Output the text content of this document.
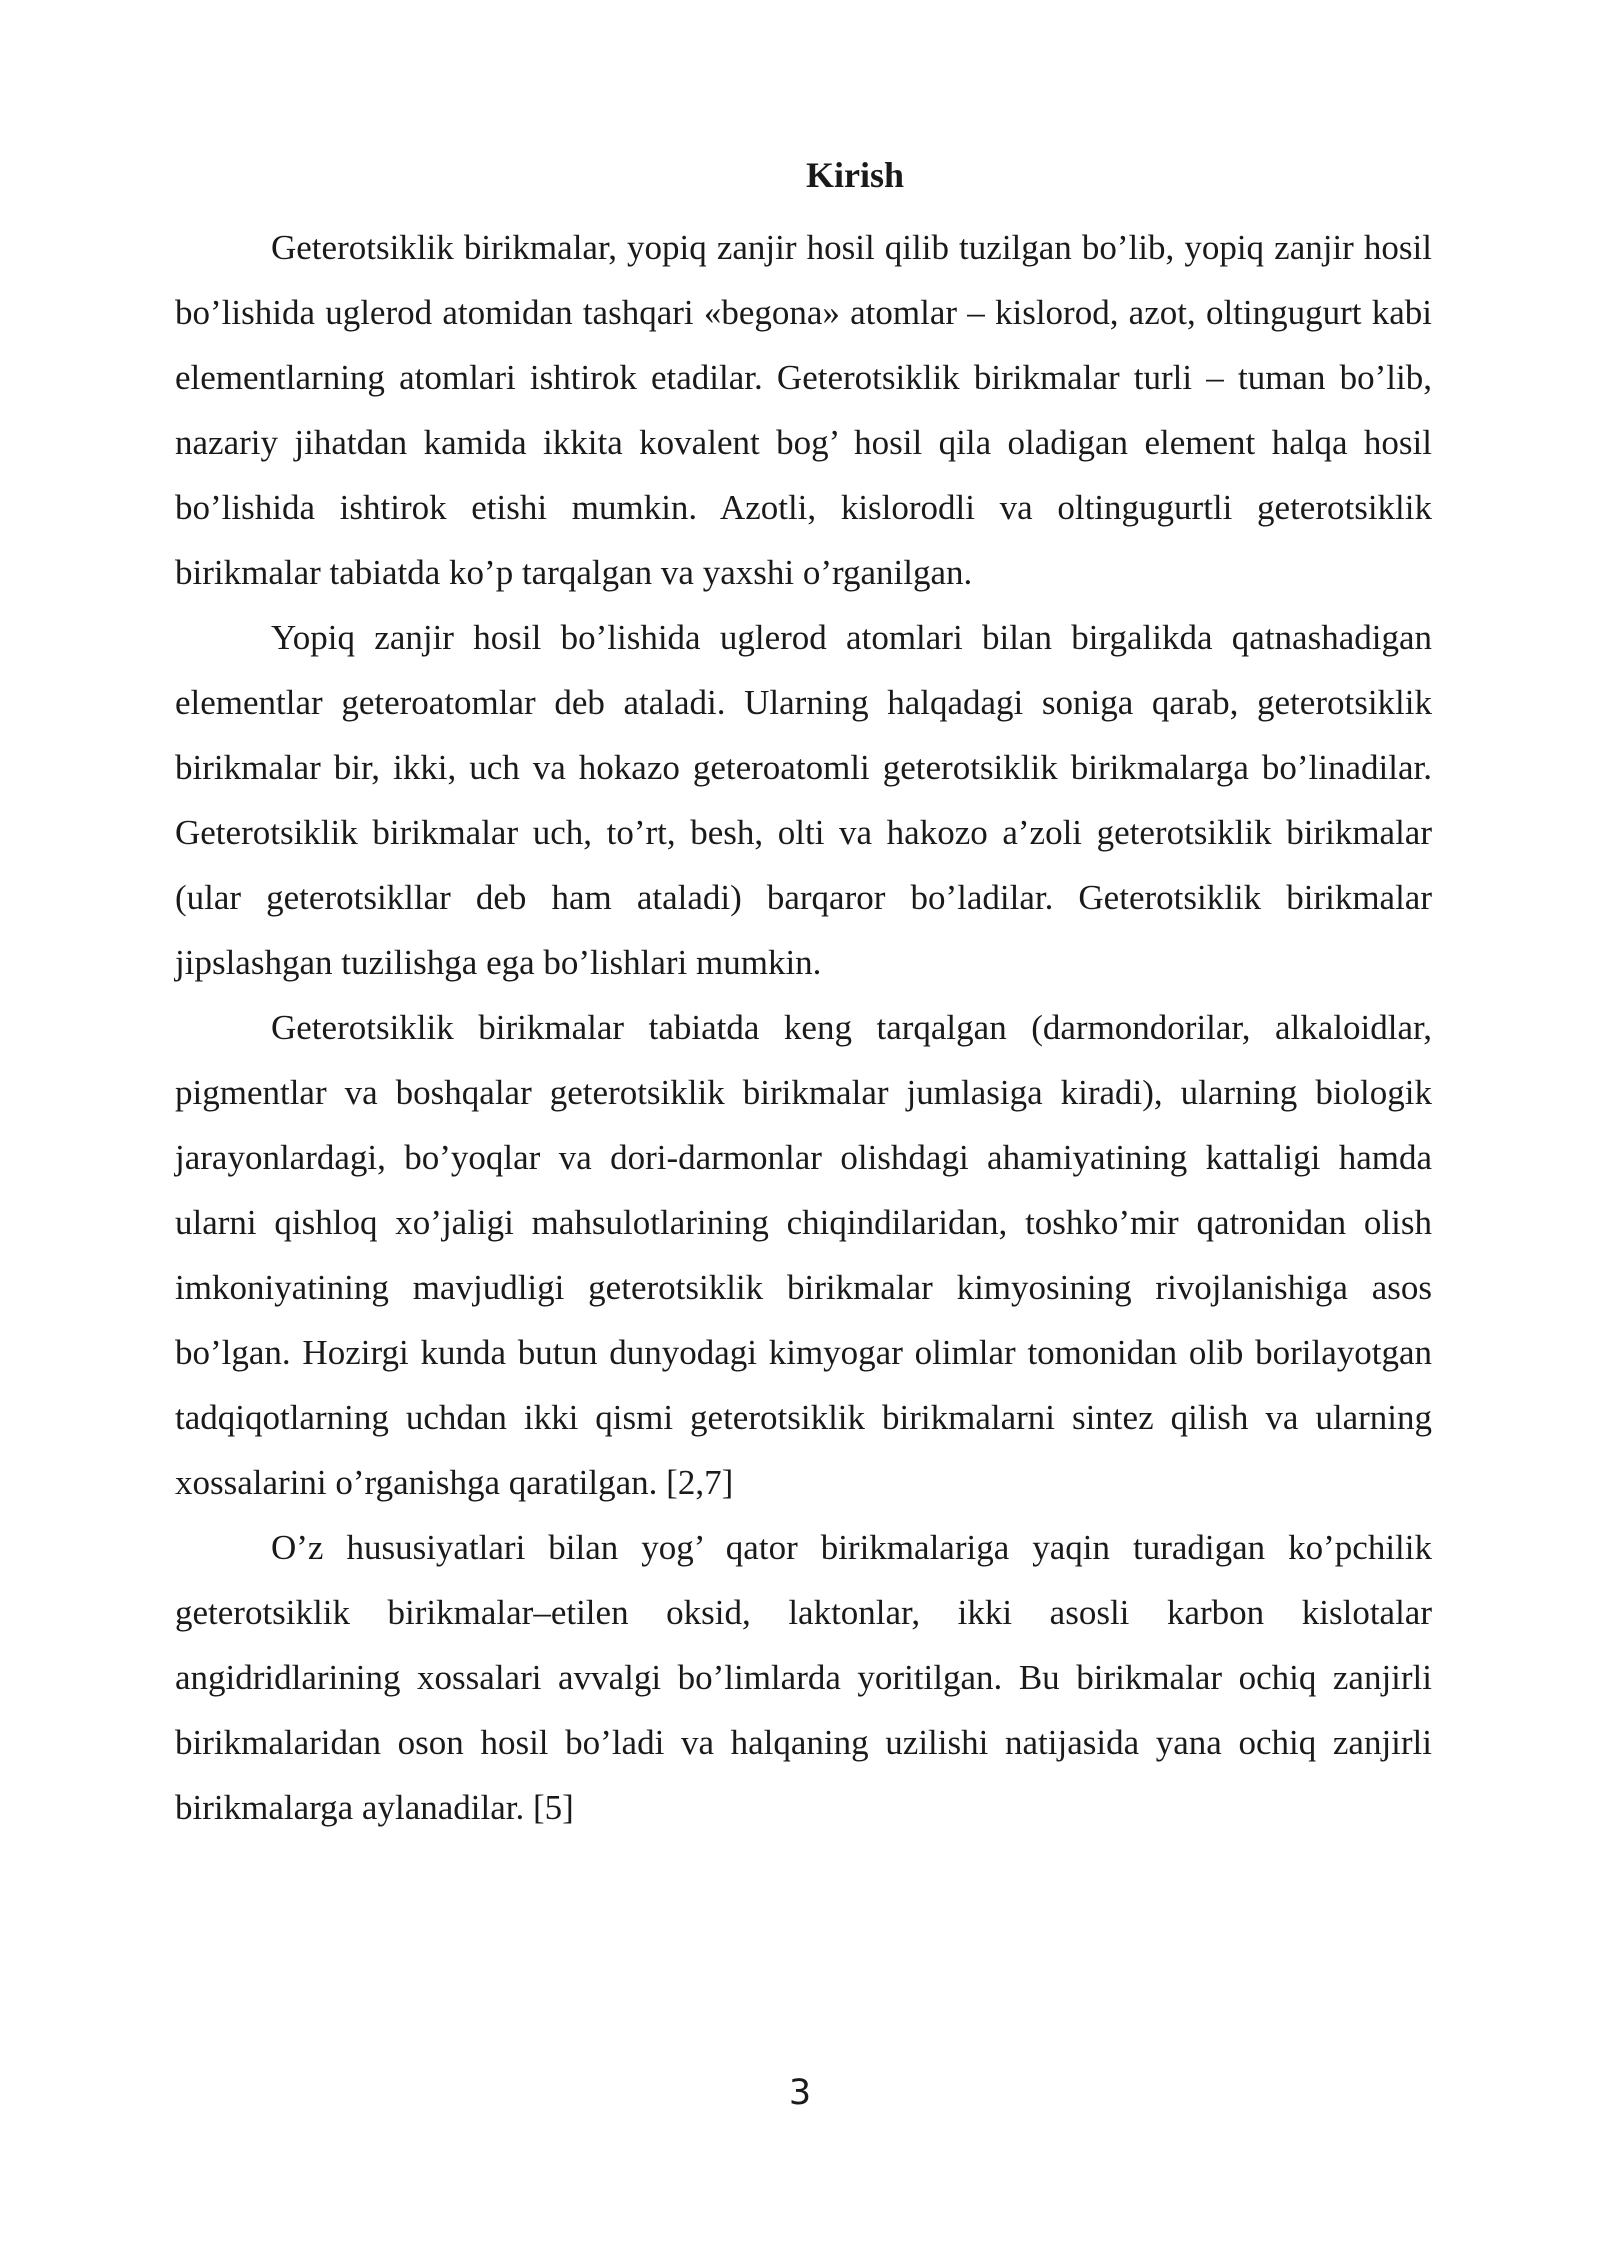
Kirish

Geterotsiklik birikmalar, yopiq zanjir hosil qilib tuzilgan bo’lib, yopiq zanjir hosil bo’lishida uglerod atomidan tashqari «begona» atomlar – kislorod, azot, oltingugurt kabi elementlarning atomlari ishtirok etadilar. Geterotsiklik birikmalar turli – tuman bo’lib, nazariy jihatdan kamida ikkita kovalent bog’ hosil qila oladigan element halqa hosil bo’lishida ishtirok etishi mumkin. Azotli, kislorodli va oltingugurtli geterotsiklik birikmalar tabiatda ko’p tarqalgan va yaxshi o’rganilgan.

Yopiq zanjir hosil bo’lishida uglerod atomlari bilan birgalikda qatnashadigan elementlar geteroatomlar deb ataladi. Ularning halqadagi soniga qarab, geterotsiklik birikmalar bir, ikki, uch va hokazo geteroatomli geterotsiklik birikmalarga bo’linadilar. Geterotsiklik birikmalar uch, to’rt, besh, olti va hakozo a’zoli geterotsiklik birikmalar (ular geterotsikllar deb ham ataladi) barqaror bo’ladilar. Geterotsiklik birikmalar jipslashgan tuzilishga ega bo’lishlari mumkin.

Geterotsiklik birikmalar tabiatda keng tarqalgan (darmondorilar, alkaloidlar, pigmentlar va boshqalar geterotsiklik birikmalar jumlasiga kiradi), ularning biologik jarayonlardagi, bo’yoqlar va dori-darmonlar olishdagi ahamiyatining kattaligi hamda ularni qishloq xo’jaligi mahsulotlarining chiqindilaridan, toshko’mir qatronidan olish imkoniyatining mavjudligi geterotsiklik birikmalar kimyosining rivojlanishiga asos bo’lgan. Hozirgi kunda butun dunyodagi kimyogar olimlar tomonidan olib borilayotgan tadqiqotlarning uchdan ikki qismi geterotsiklik birikmalarni sintez qilish va ularning xossalarini o’rganishga qaratilgan. [2,7]

O’z hususiyatlari bilan yog’ qator birikmalariga yaqin turadigan ko’pchilik geterotsiklik birikmalar–etilen oksid, laktonlar, ikki asosli karbon kislotalar angidridlarining xossalari avvalgi bo’limlarda yoritilgan. Bu birikmalar ochiq zanjirli birikmalaridan oson hosil bo’ladi va halqaning uzilishi natijasida yana ochiq zanjirli birikmalarga aylanadilar. [5]

3
